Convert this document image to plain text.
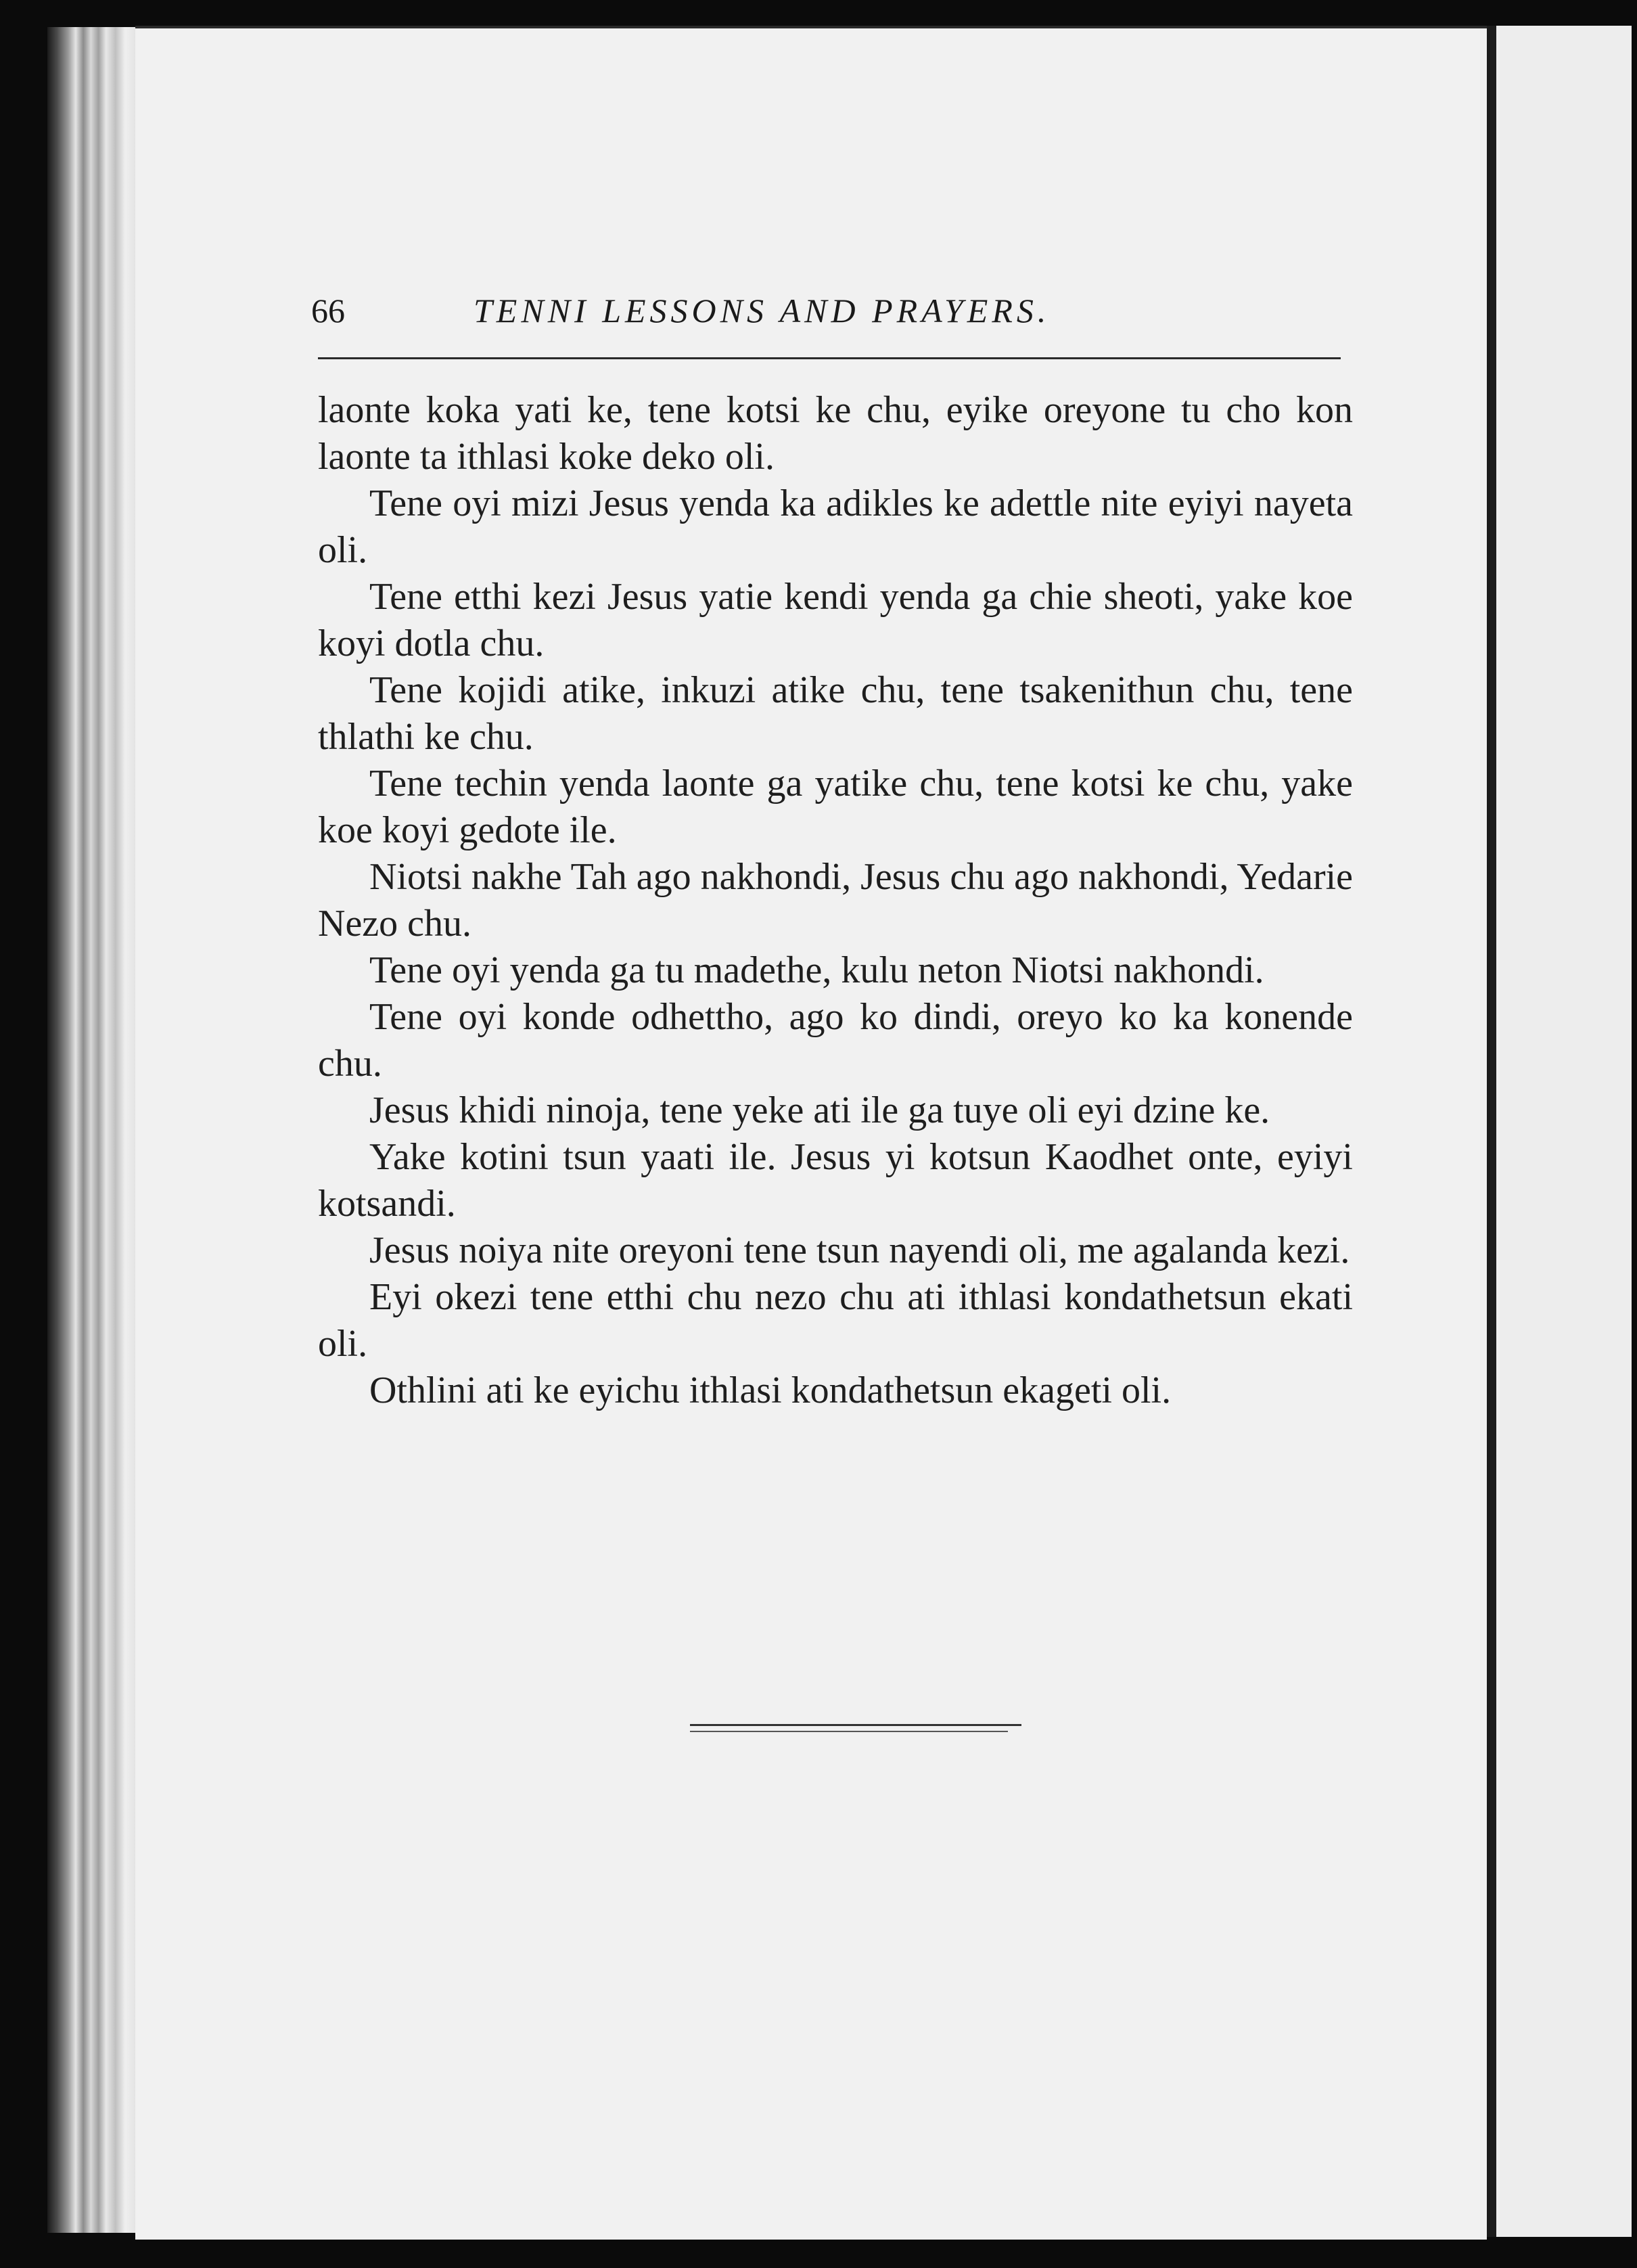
66	TENNI LESSONS AND PRAYERS.

laonte koka yati ke, tene kotsi ke chu, eyike oreyone tu cho kon laonte ta ithlasi koke deko oli.

Tene oyi mizi Jesus yenda ka adikles ke adettle nite eyiyi nayeta oli.

Tene etthi kezi Jesus yatie kendi yenda ga chie sheoti, yake koe koyi dotla chu.

Tene kojidi atike, inkuzi atike chu, tene tsakenithun chu, tene thlathi ke chu.

Tene techin yenda laonte ga yatike chu, tene kotsi ke chu, yake koe koyi gedote ile.

Niotsi nakhe Tah ago nakhondi, Jesus chu ago nakhondi, Yedarie Nezo chu.

Tene oyi yenda ga tu madethe, kulu neton Niotsi nakhondi.

Tene oyi konde odhettho, ago ko dindi, oreyo ko ka konende chu.

Jesus khidi ninoja, tene yeke ati ile ga tuye oli eyi dzine ke.

Yake kotini tsun yaati ile. Jesus yi kotsun Kaodhet onte, eyiyi kotsandi.

Jesus noiya nite oreyoni tene tsun nayendi oli, me agalanda kezi.

Eyi okezi tene etthi chu nezo chu ati ithlasi kondathetsun ekati oli.

Othlini ati ke eyichu ithlasi kondathetsun ekageti oli.
